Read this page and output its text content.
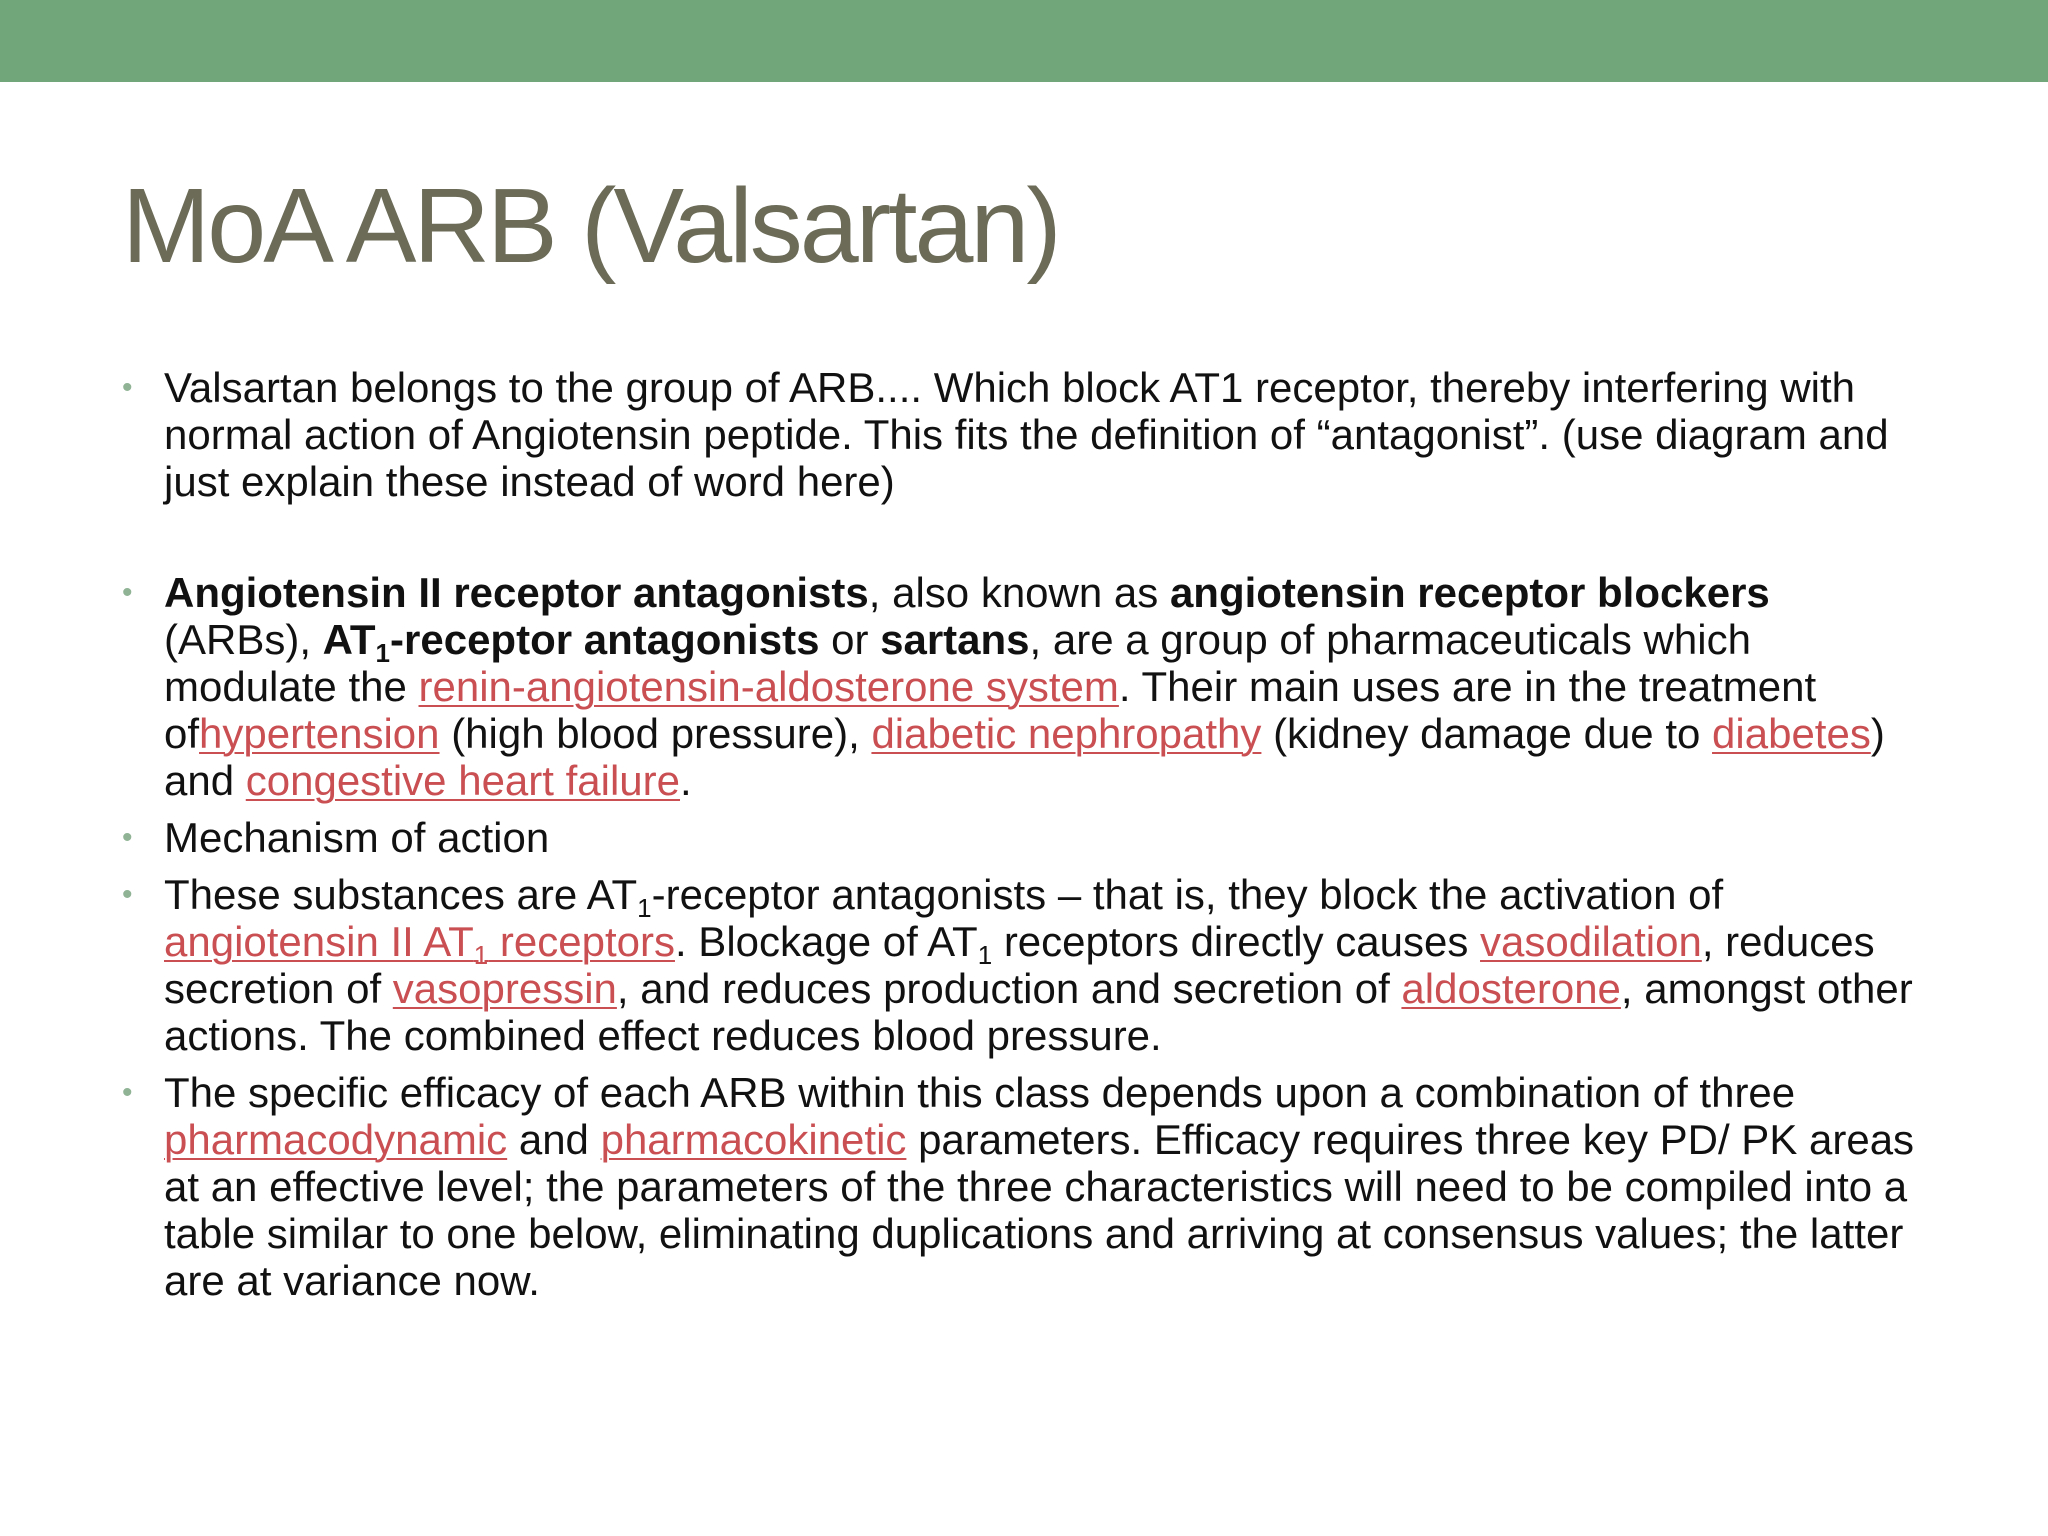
MoA ARB (Valsartan)
• Valsartan belongs to the group of ARB.... Which block AT1 receptor, thereby interfering with normal action of Angiotensin peptide. This fits the definition of “antagonist”. (use diagram and just explain these instead of word here)
• Angiotensin II receptor antagonists, also known as angiotensin receptor blockers (ARBs), $AT_1$-receptor antagonists or sartans, are a group of pharmaceuticals which modulate the renin-angiotensin-aldosterone system. Their main uses are in the treatment ofhypertension (high blood pressure), diabetic nephropathy (kidney damage due to diabetes) and congestive heart failure.
• Mechanism of action
• These substances are $AT_1$-receptor antagonists – that is, they block the activation of angiotensin II $AT_1$ receptors. Blockage of $AT_1$ receptors directly causes vasodilation, reduces secretion of vasopressin, and reduces production and secretion of aldosterone, amongst other actions. The combined effect reduces blood pressure.
• The specific efficacy of each ARB within this class depends upon a combination of three pharmacodynamic and pharmacokinetic parameters. Efficacy requires three key PD/ PK areas at an effective level; the parameters of the three characteristics will need to be compiled into a table similar to one below, eliminating duplications and arriving at consensus values; the latter are at variance now.
